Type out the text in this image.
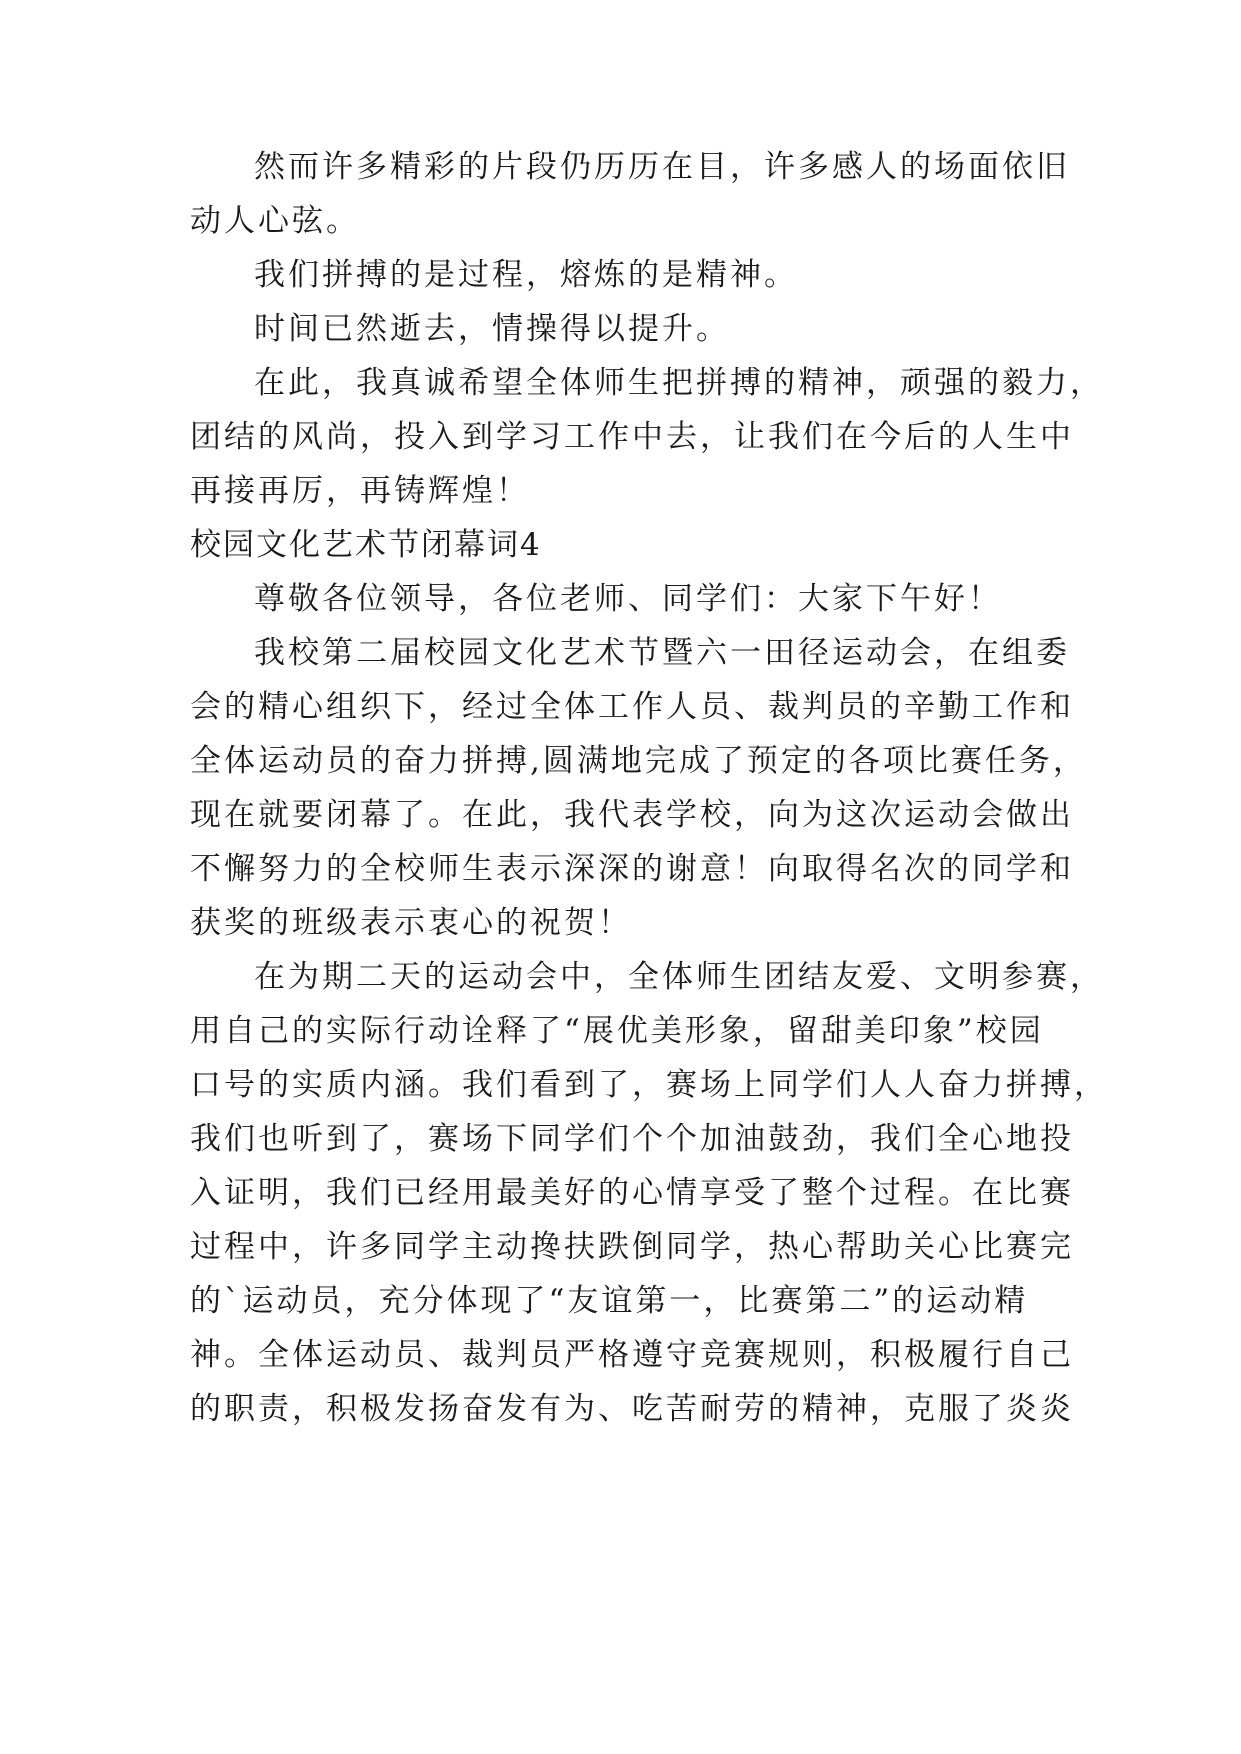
然而许多精彩的片段仍历历在目，许多感人的场面依旧
动人心弦。
我们拼搏的是过程，熔炼的是精神。
时间已然逝去，情操得以提升。
在此，我真诚希望全体师生把拼搏的精神，顽强的毅力，
团结的风尚，投入到学习工作中去，让我们在今后的人生中
再接再厉，再铸辉煌！
校园文化艺术节闭幕词4
尊敬各位领导，各位老师、同学们：大家下午好！
我校第二届校园文化艺术节暨六一田径运动会，在组委
会的精心组织下，经过全体工作人员、裁判员的辛勤工作和
全体运动员的奋力拼搏,圆满地完成了预定的各项比赛任务，
现在就要闭幕了。在此，我代表学校，向为这次运动会做出
不懈努力的全校师生表示深深的谢意！向取得名次的同学和
获奖的班级表示衷心的祝贺！
在为期二天的运动会中，全体师生团结友爱、文明参赛，
用自己的实际行动诠释了“展优美形象，留甜美印象”校园
口号的实质内涵。我们看到了，赛场上同学们人人奋力拼搏，
我们也听到了，赛场下同学们个个加油鼓劲，我们全心地投
入证明，我们已经用最美好的心情享受了整个过程。在比赛
过程中，许多同学主动搀扶跌倒同学，热心帮助关心比赛完
的`运动员，充分体现了“友谊第一，比赛第二”的运动精
神。全体运动员、裁判员严格遵守竞赛规则，积极履行自己
的职责，积极发扬奋发有为、吃苦耐劳的精神，克服了炎炎
